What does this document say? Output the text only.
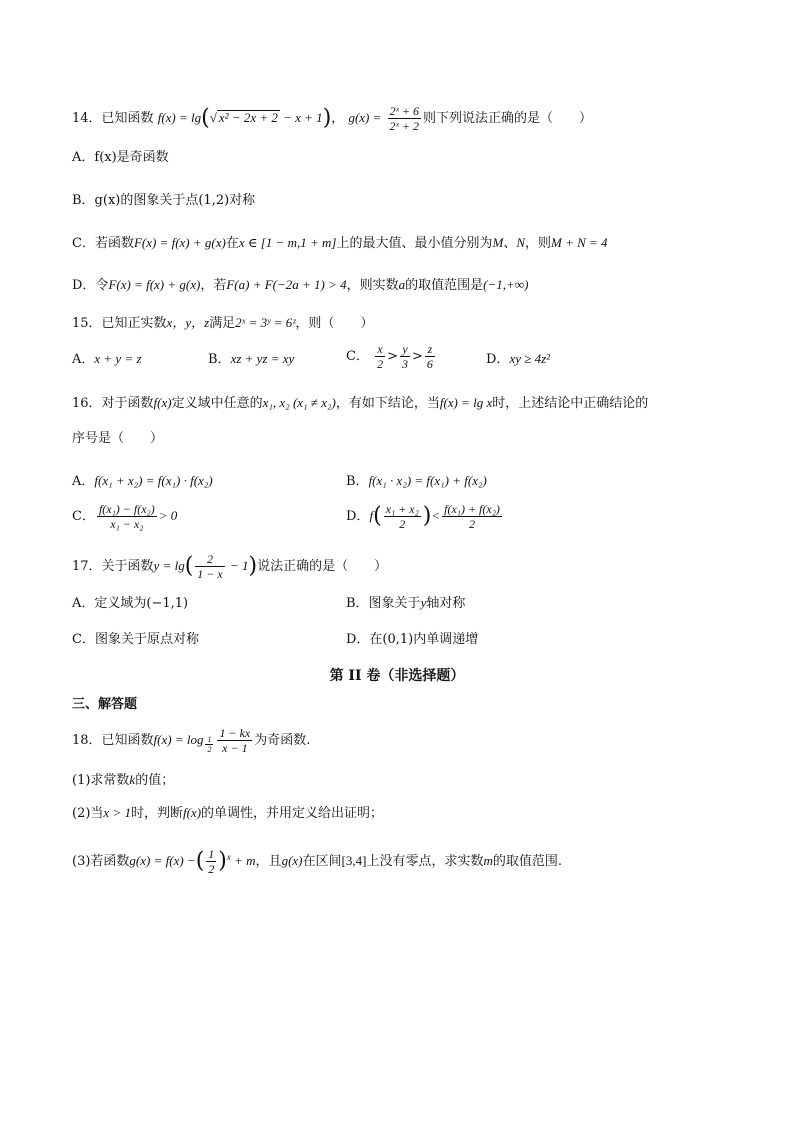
14．已知函数 f(x) = lg(√ x² − 2x + 2 − x + 1)， $g(x) = \frac{\text{2ˣ + 6}}{\text{2ˣ + 2}}$ 则下列说法正确的是（　　）
A．f(x)是奇函数
B．g(x)的图象关于点(1,2)对称
C．若函数F(x) = f(x) + g(x)在x ∈ [1 − m,1 + m]上的最大值、最小值分别为M、N，则M + N = 4
D．令F(x) = f(x) + g(x)，若F(a) + F(−2a + 1) > 4，则实数a的取值范围是(−1,+∞)
15．已知正实数x，y，z满足2ˣ = 3ʸ = 6ᶻ，则（　　）
A．x + y = z	B．xz + yz = xy	C． $\frac{x}{2} > \frac{y}{3} > \frac{z}{6}$	D．xy ≥ 4z²
16．对于函数f(x)定义域中任意的x₁, x₂ (x₁ ≠ x₂)，有如下结论，当f(x) = lg x时，上述结论中正确结论的
序号是（　　）
A．f(x₁ + x₂) = f(x₁) · f(x₂)	B．f(x₁ · x₂) = f(x₁) + f(x₂)
C． $\frac{\text{f(x₁) − f(x₂)}}{\text{x₁ − x₂}} > 0$	D．$f( \frac{\text{x₁ + x₂}}{2}$ )< $\frac{\text{f(x₁) + f(x₂)}}{2}$
17．关于函数$y = \lg( \frac{2}{1 - x} - 1)$说法正确的是（　　）
A．定义域为(−1,1)	B．图象关于y轴对称
C．图象关于原点对称	D．在(0,1)内单调递增
第 II 卷（非选择题）
三、解答题
18．已知函数$f(x) = \log \frac{1}{2} \frac{1 - kx}{x - 1}$ 为奇函数.
(1)求常数k的值；
(2)当x > 1时，判断f(x)的单调性，并用定义给出证明；
(3)若函数g(x) = f(x) −( $\frac{1}{2} )^x + m$，且g(x)在区间[3,4]上没有零点，求实数m的取值范围.
